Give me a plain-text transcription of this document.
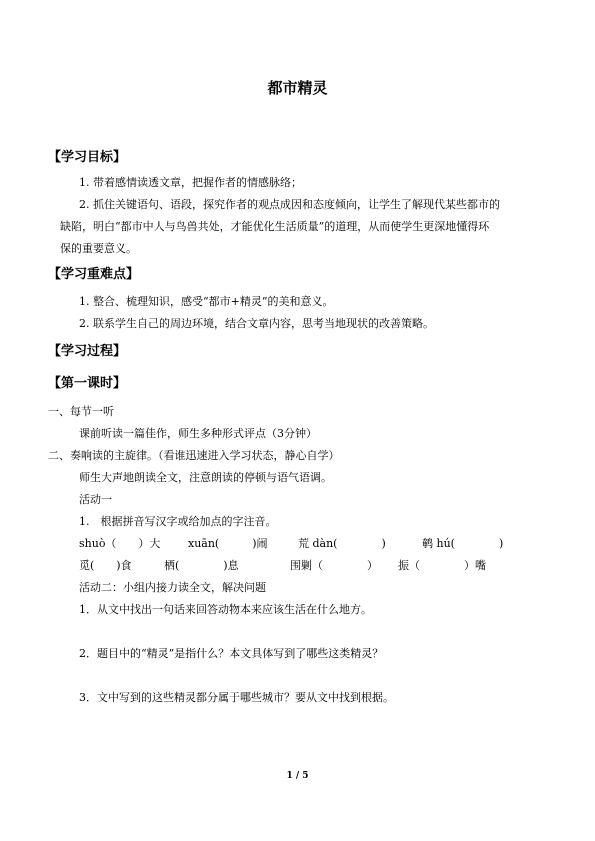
都市精灵
【学习目标】
1. 带着感情读透文章，把握作者的情感脉络；
2. 抓住关键语句、语段，探究作者的观点成因和态度倾向，让学生了解现代某些都市的
缺陷，明白“都市中人与鸟兽共处，才能优化生活质量”的道理，从而使学生更深地懂得环
保的重要意义。
【学习重难点】
1. 整合、梳理知识，感受“都市+精灵”的美和意义。
2. 联系学生自己的周边环境，结合文章内容，思考当地现状的改善策略。
【学习过程】
【第一课时】
一、每节一听
课前听读一篇佳作，师生多种形式评点（3分钟）
二、奏响读的主旋律。（看谁迅速进入学习状态，静心自学）
师生大声地朗读全文，注意朗读的停顿与语气语调。
活动一
1.　根据拼音写汉字或给加点的字注音。
shuò（　　）大	xuān(　　　)闹	荒 dàn(　　　　)	鹌 hú(　　　　)
觅(　　)食	栖(　　　　)息	围剿（　　　　） 振（　　　　）嘴
活动二：小组内接力读全文，解决问题
1．从文中找出一句话来回答动物本来应该生活在什么地方。
2．题目中的“精灵”是指什么？本文具体写到了哪些这类精灵？
3．文中写到的这些精灵都分属于哪些城市？要从文中找到根据。
1 / 5
